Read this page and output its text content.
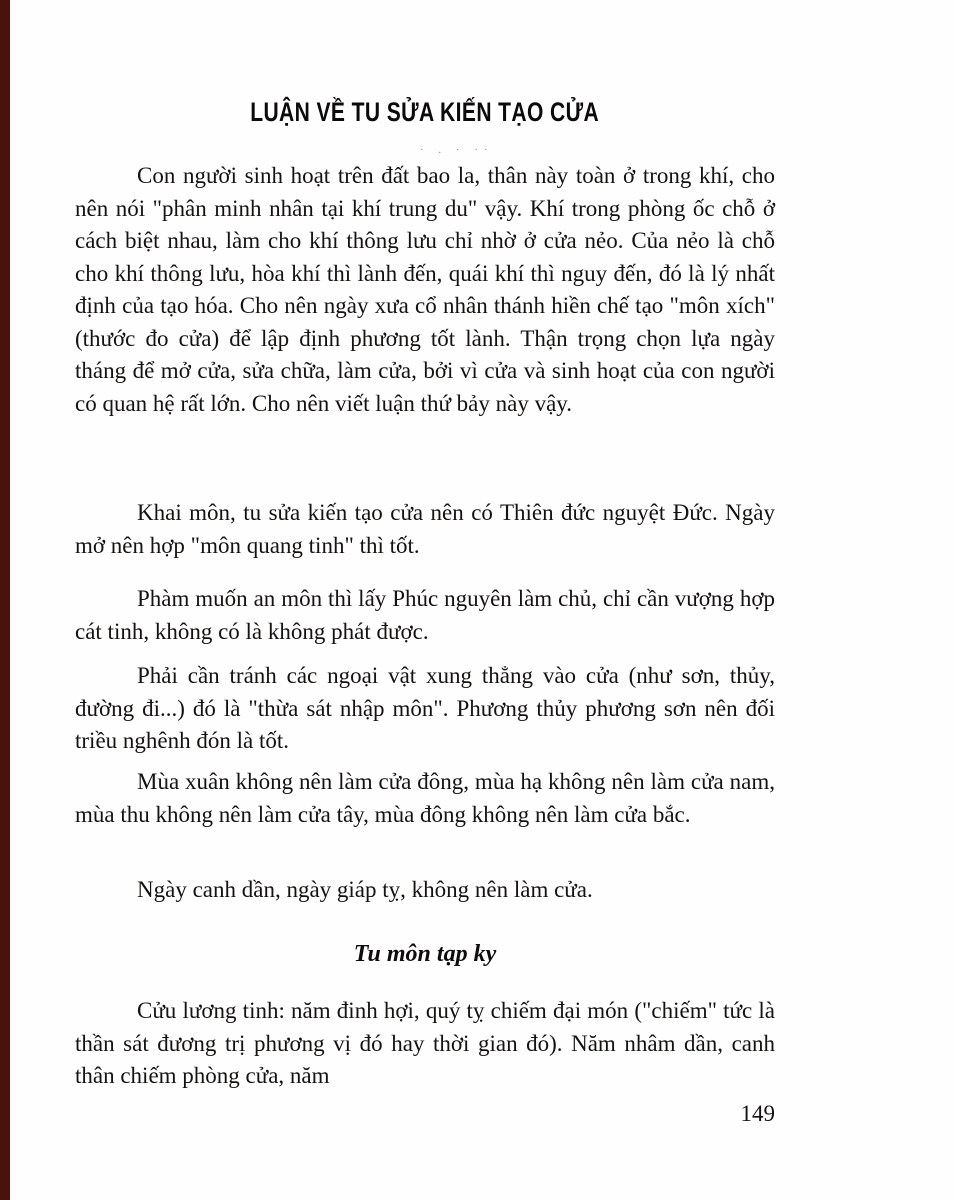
LUẬN VỀ TU SỬA KIẾN TẠO CỬA
· . · ··

Con người sinh hoạt trên đất bao la, thân này toàn ở trong khí, cho nên nói "phân minh nhân tại khí trung du" vậy. Khí trong phòng ốc chỗ ở cách biệt nhau, làm cho khí thông lưu chỉ nhờ ở cửa nẻo. Của nẻo là chỗ cho khí thông lưu, hòa khí thì lành đến, quái khí thì nguy đến, đó là lý nhất định của tạo hóa. Cho nên ngày xưa cổ nhân thánh hiền chế tạo "môn xích" (thước đo cửa) để lập định phương tốt lành. Thận trọng chọn lựa ngày tháng để mở cửa, sửa chữa, làm cửa, bởi vì cửa và sinh hoạt của con người có quan hệ rất lớn. Cho nên viết luận thứ bảy này vậy.

Khai môn, tu sửa kiến tạo cửa nên có Thiên đức nguyệt Đức. Ngày mở nên hợp "môn quang tinh" thì tốt.

Phàm muốn an môn thì lấy Phúc nguyên làm chủ, chỉ cần vượng hợp cát tinh, không có là không phát được.

Phải cần tránh các ngoại vật xung thẳng vào cửa (như sơn, thủy, đường đi...) đó là "thừa sát nhập môn". Phương thủy phương sơn nên đối triều nghênh đón là tốt.

Mùa xuân không nên làm cửa đông, mùa hạ không nên làm cửa nam, mùa thu không nên làm cửa tây, mùa đông không nên làm cửa bắc.

Ngày canh dần, ngày giáp tỵ, không nên làm cửa.

Tu môn tạp ky

Cửu lương tinh: năm đinh hợi, quý tỵ chiếm đại món ("chiếm" tức là thần sát đương trị phương vị đó hay thời gian đó). Năm nhâm dần, canh thân chiếm phòng cửa, năm

149
